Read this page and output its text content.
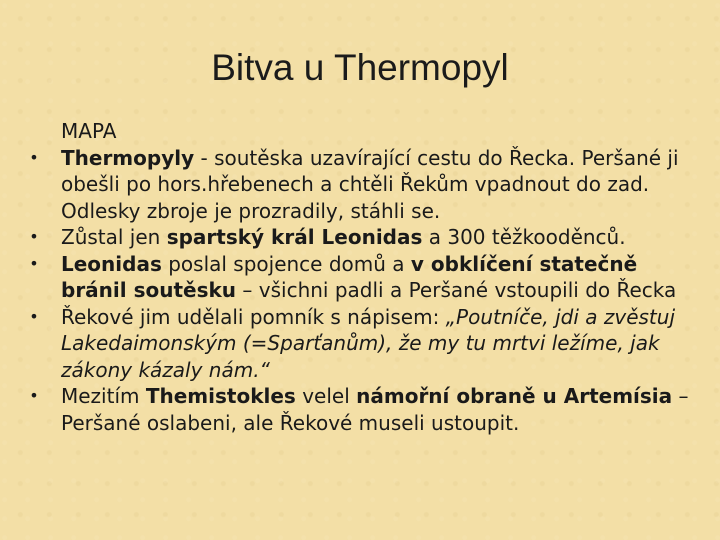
Bitva u Thermopyl
MAPA
• Thermopyly - soutěska uzavírající cestu do Řecka. Peršané ji obešli po hors.hřebenech a chtěli Řekům vpadnout do zad. Odlesky zbroje je prozradily, stáhli se.
• Zůstal jen spartský král Leonidas a 300 těžkooděnců.
• Leonidas poslal spojence domů a v obklíčení statečně bránil soutěsku – všichni padli a Peršané vstoupili do Řecka
• Řekové jim udělali pomník s nápisem: „Poutníče, jdi a zvěstuj Lakedaimonským (=Sparťanům), že my tu mrtvi ležíme, jak zákony kázaly nám.“
• Mezitím Themistokles velel námořní obraně u Artemísia – Peršané oslabeni, ale Řekové museli ustoupit.
